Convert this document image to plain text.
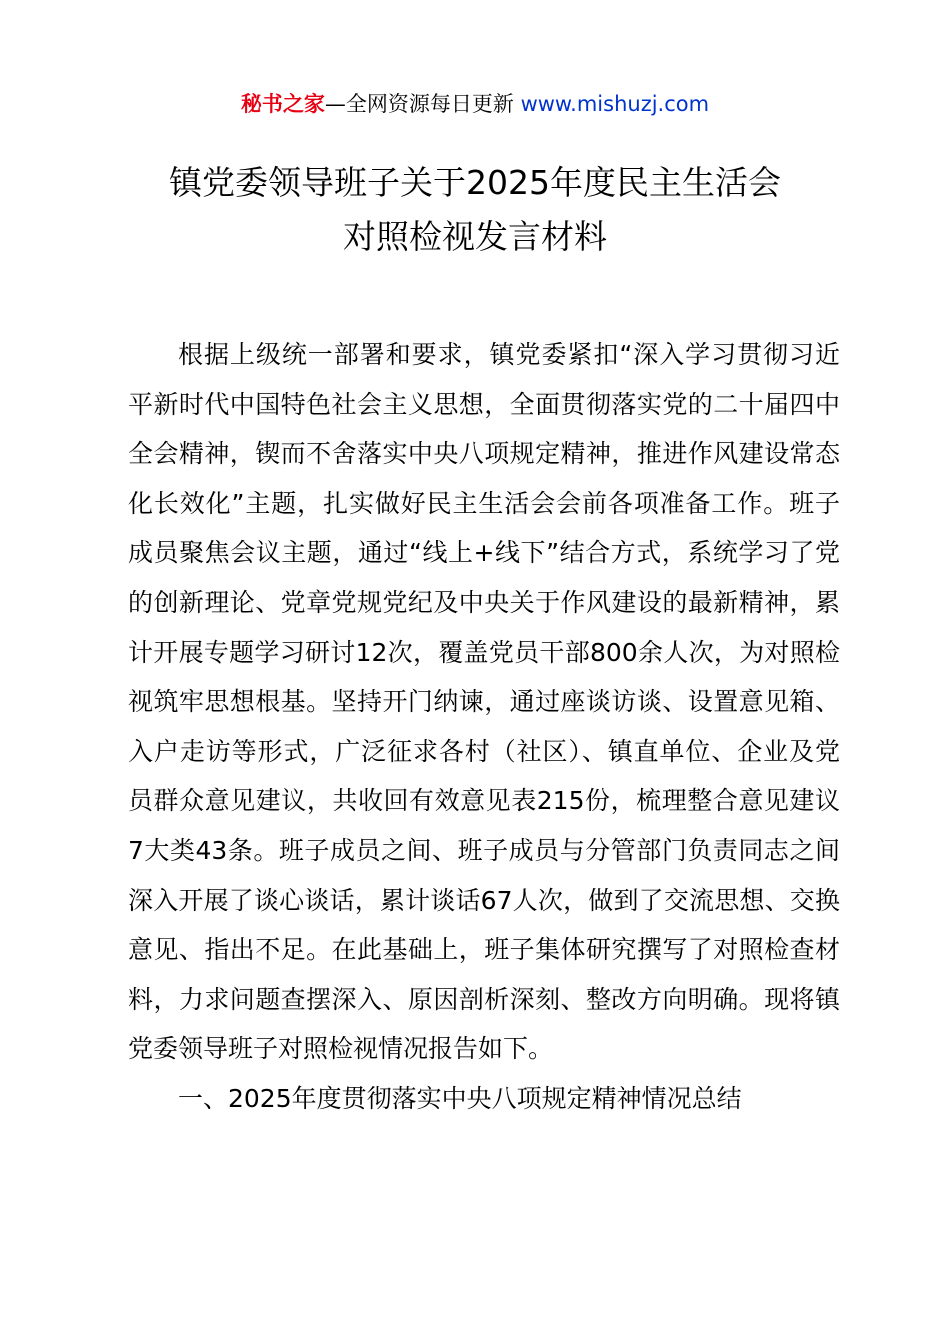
秘书之家—全网资源每日更新 www.mishuzj.com
镇党委领导班子关于2025年度民主生活会
对照检视发言材料

根据上级统一部署和要求，镇党委紧扣“深入学习贯彻习近平新时代中国特色社会主义思想，全面贯彻落实党的二十届四中全会精神，锲而不舍落实中央八项规定精神，推进作风建设常态化长效化”主题，扎实做好民主生活会会前各项准备工作。班子成员聚焦会议主题，通过“线上+线下”结合方式，系统学习了党的创新理论、党章党规党纪及中央关于作风建设的最新精神，累计开展专题学习研讨12次，覆盖党员干部800余人次，为对照检视筑牢思想根基。坚持开门纳谏，通过座谈访谈、设置意见箱、入户走访等形式，广泛征求各村（社区）、镇直单位、企业及党员群众意见建议，共收回有效意见表215份，梳理整合意见建议7大类43条。班子成员之间、班子成员与分管部门负责同志之间深入开展了谈心谈话，累计谈话67人次，做到了交流思想、交换意见、指出不足。在此基础上，班子集体研究撰写了对照检查材料，力求问题查摆深入、原因剖析深刻、整改方向明确。现将镇党委领导班子对照检视情况报告如下。

一、2025年度贯彻落实中央八项规定精神情况总结
